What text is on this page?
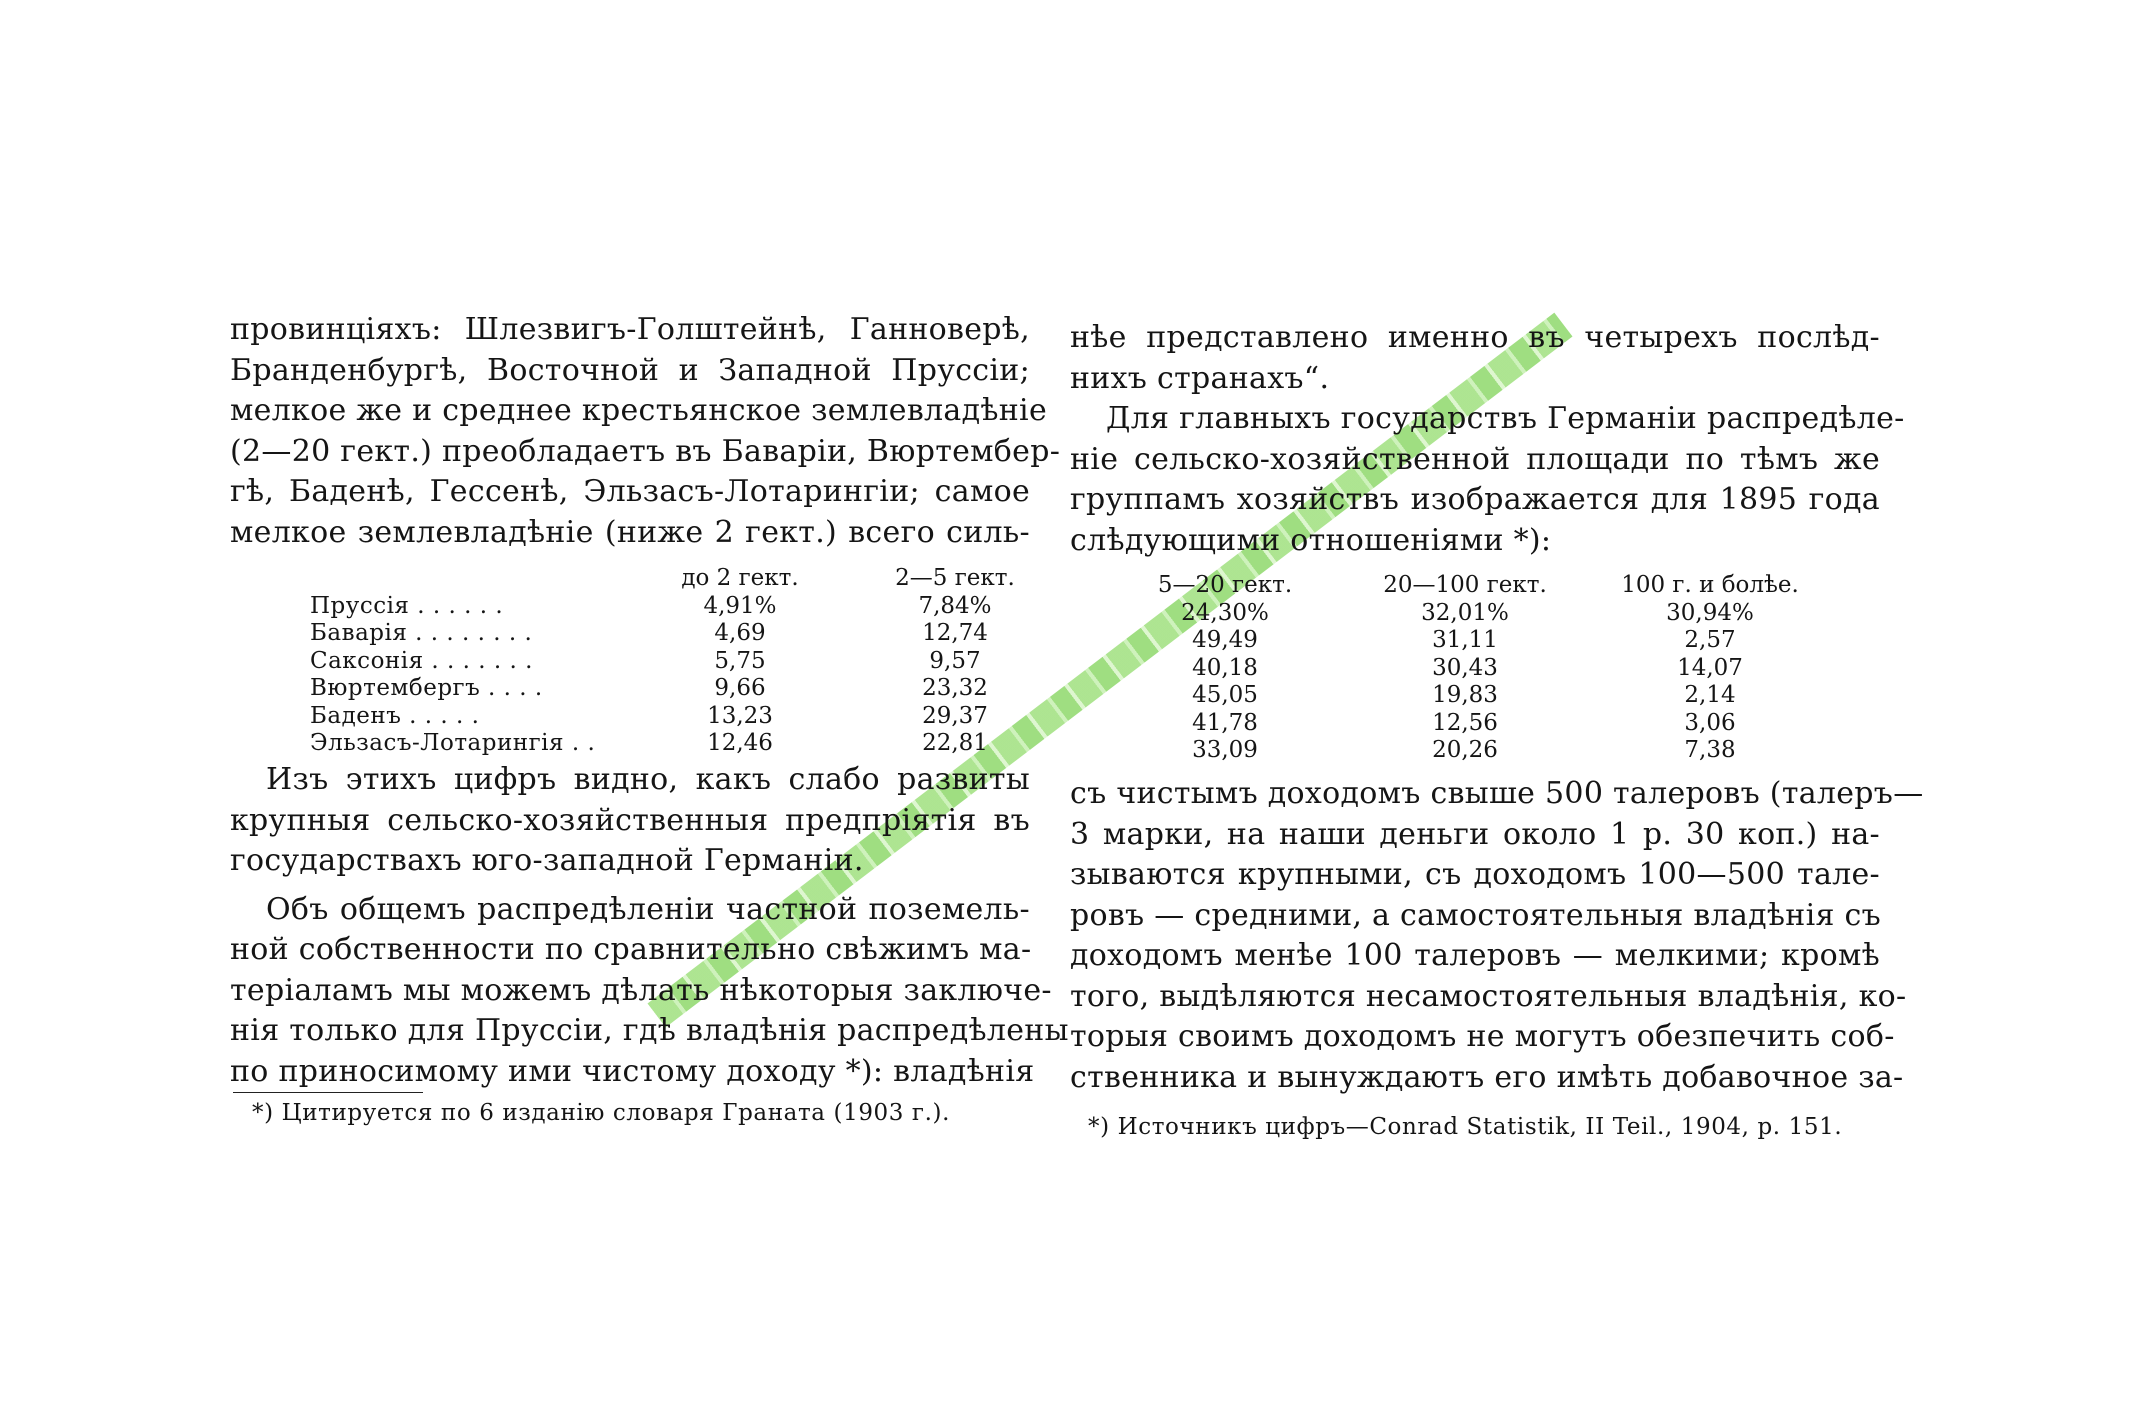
провинціяхъ: Шлезвигъ-Голштейнѣ, Ганноверѣ,
Бранденбургѣ, Восточной и Западной Пруссіи;
мелкое же и среднее крестьянское землевладѣніе
(2—20 гект.) преобладаетъ въ Баваріи, Вюртембер-
гѣ, Баденѣ, Гессенѣ, Эльзасъ-Лотарингіи; самое
мелкое землевладѣніе (ниже 2 гект.) всего силь-
до 2 гект.	2—5 гект.
Пруссія . . . . . .	4,91%	7,84%
Баварія . . . . . . . .	4,69	12,74
Саксонія . . . . . . .	5,75	9,57
Вюртембергъ . . . .	9,66	23,32
Баденъ . . . . .	13,23	29,37
Эльзасъ-Лотарингія . .	12,46	22,81
Изъ этихъ цифръ видно, какъ слабо развиты
крупныя сельско-хозяйственныя предпріятія въ
государствахъ юго-западной Германіи.
Объ общемъ распредѣленіи частной поземель-
ной собственности по сравнительно свѣжимъ ма-
теріаламъ мы можемъ дѣлать нѣкоторыя заключе-
нія только для Пруссіи, гдѣ владѣнія распредѣлены
по приносимому ими чистому доходу *): владѣнія
*) Цитируется по 6 изданію словаря Граната (1903 г.).
нѣе представлено именно въ четырехъ послѣд-
нихъ странахъ“.
Для главныхъ государствъ Германіи распредѣле-
ніе сельско-хозяйственной площади по тѣмъ же
группамъ хозяйствъ изображается для 1895 года
слѣдующими отношеніями *):
5—20 гект.	20—100 гект.	100 г. и болѣе.
24,30%	32,01%	30,94%
49,49	31,11	2,57
40,18	30,43	14,07
45,05	19,83	2,14
41,78	12,56	3,06
33,09	20,26	7,38
съ чистымъ доходомъ свыше 500 талеровъ (талеръ—
3 марки, на наши деньги около 1 р. 30 коп.) на-
зываются крупными, съ доходомъ 100—500 тале-
ровъ — средними, а самостоятельныя владѣнія съ
доходомъ менѣе 100 талеровъ — мелкими; кромѣ
того, выдѣляются несамостоятельныя владѣнія, ко-
торыя своимъ доходомъ не могутъ обезпечить соб-
ственника и вынуждаютъ его имѣть добавочное за-
*) Источникъ цифръ—Conrad Statistik, II Teil., 1904, p. 151.
